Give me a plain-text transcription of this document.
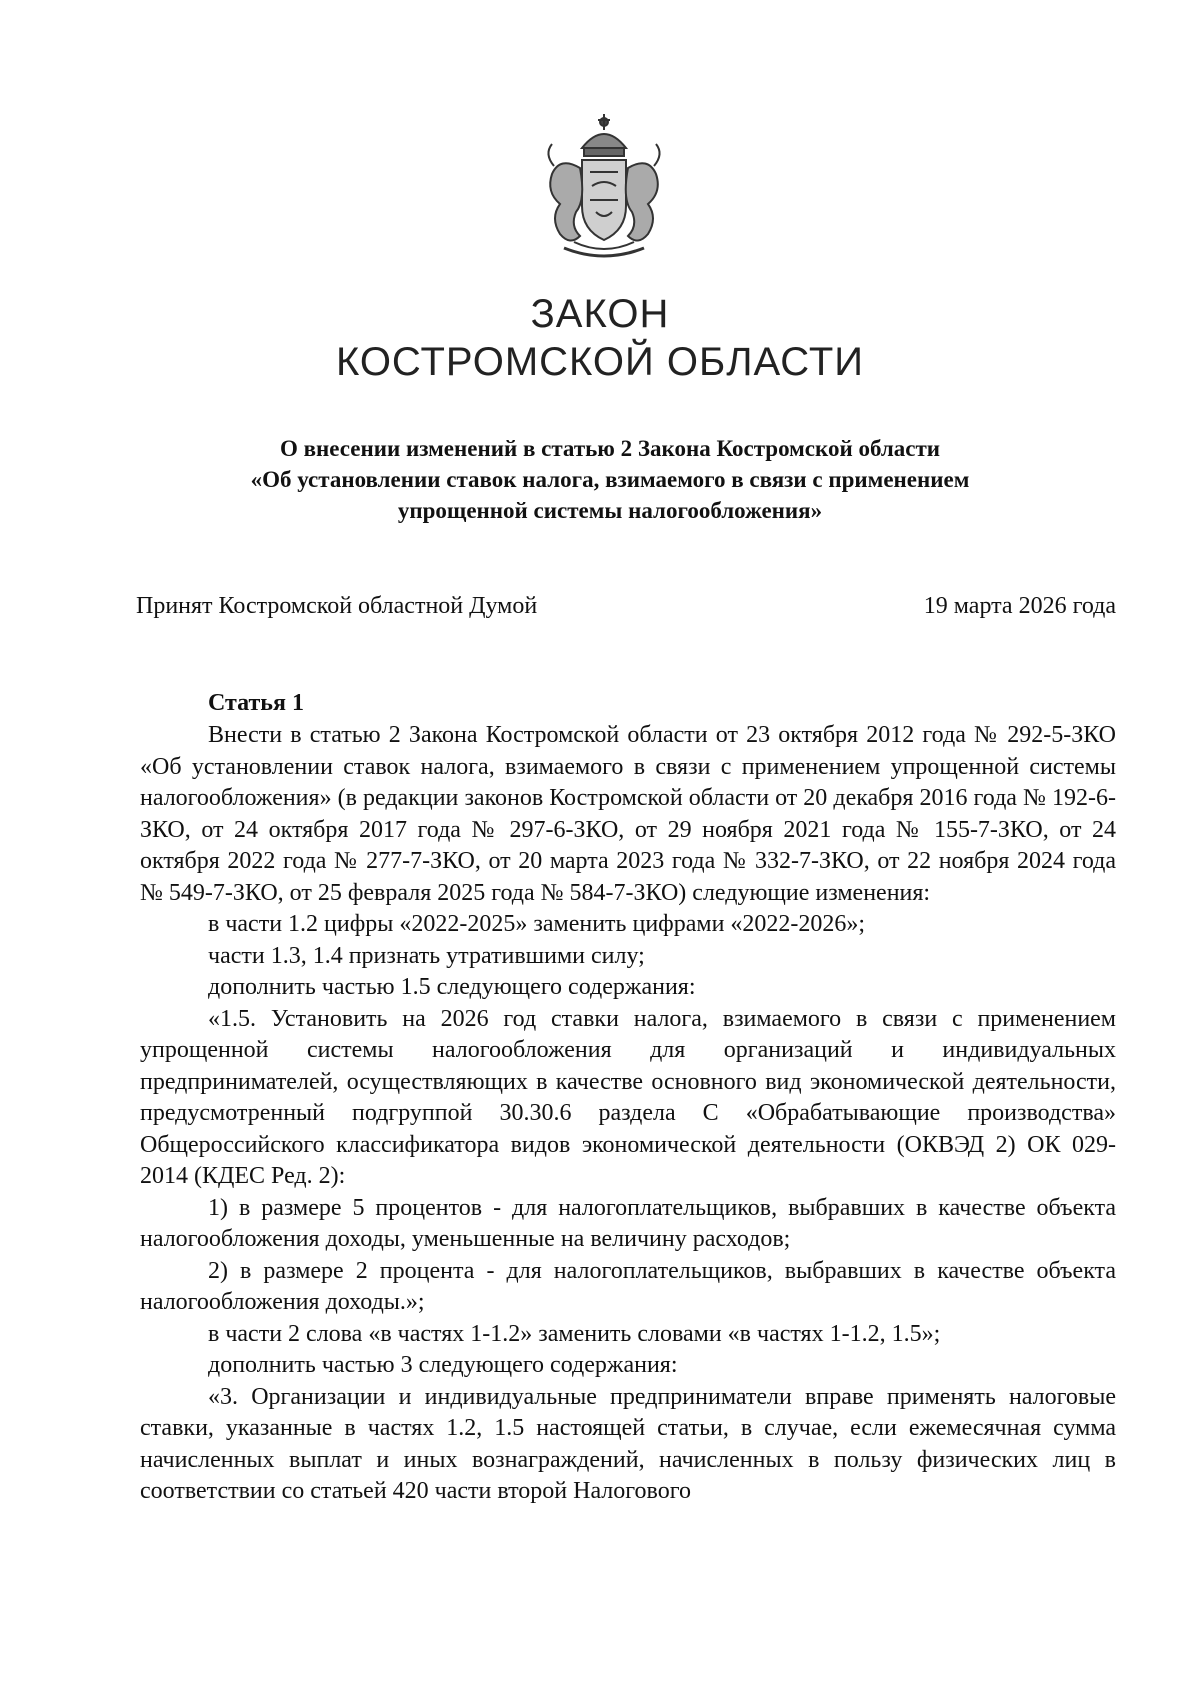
ЗАКОН
КОСТРОМСКОЙ ОБЛАСТИ
О внесении изменений в статью 2 Закона Костромской области
«Об установлении ставок налога, взимаемого в связи с применением
упрощенной системы налогообложения»
Принят Костромской областной Думой	19 марта 2026 года
Статья 1

Внести в статью 2 Закона Костромской области от 23 октября 2012 года № 292-5-ЗКО «Об установлении ставок налога, взимаемого в связи с применением упрощенной системы налогообложения» (в редакции законов Костромской области от 20 декабря 2016 года № 192-6-ЗКО, от 24 октября 2017 года № 297-6-ЗКО, от 29 ноября 2021 года № 155-7-ЗКО, от 24 октября 2022 года № 277-7-ЗКО, от 20 марта 2023 года № 332-7-ЗКО, от 22 ноября 2024 года № 549-7-ЗКО, от 25 февраля 2025 года № 584-7-ЗКО) следующие изменения:

в части 1.2 цифры «2022-2025» заменить цифрами «2022-2026»;

части 1.3, 1.4 признать утратившими силу;

дополнить частью 1.5 следующего содержания:

«1.5. Установить на 2026 год ставки налога, взимаемого в связи с применением упрощенной системы налогообложения для организаций и индивидуальных предпринимателей, осуществляющих в качестве основного вид экономической деятельности, предусмотренный подгруппой 30.30.6 раздела С «Обрабатывающие производства» Общероссийского классификатора видов экономической деятельности (ОКВЭД 2) ОК 029-2014 (КДЕС Ред. 2):

1) в размере 5 процентов - для налогоплательщиков, выбравших в качестве объекта налогообложения доходы, уменьшенные на величину расходов;

2) в размере 2 процента - для налогоплательщиков, выбравших в качестве объекта налогообложения доходы.»;

в части 2 слова «в частях 1-1.2» заменить словами «в частях 1-1.2, 1.5»;

дополнить частью 3 следующего содержания:

«3. Организации и индивидуальные предприниматели вправе применять налоговые ставки, указанные в частях 1.2, 1.5 настоящей статьи, в случае, если ежемесячная сумма начисленных выплат и иных вознаграждений, начисленных в пользу физических лиц в соответствии со статьей 420 части второй Налогового
